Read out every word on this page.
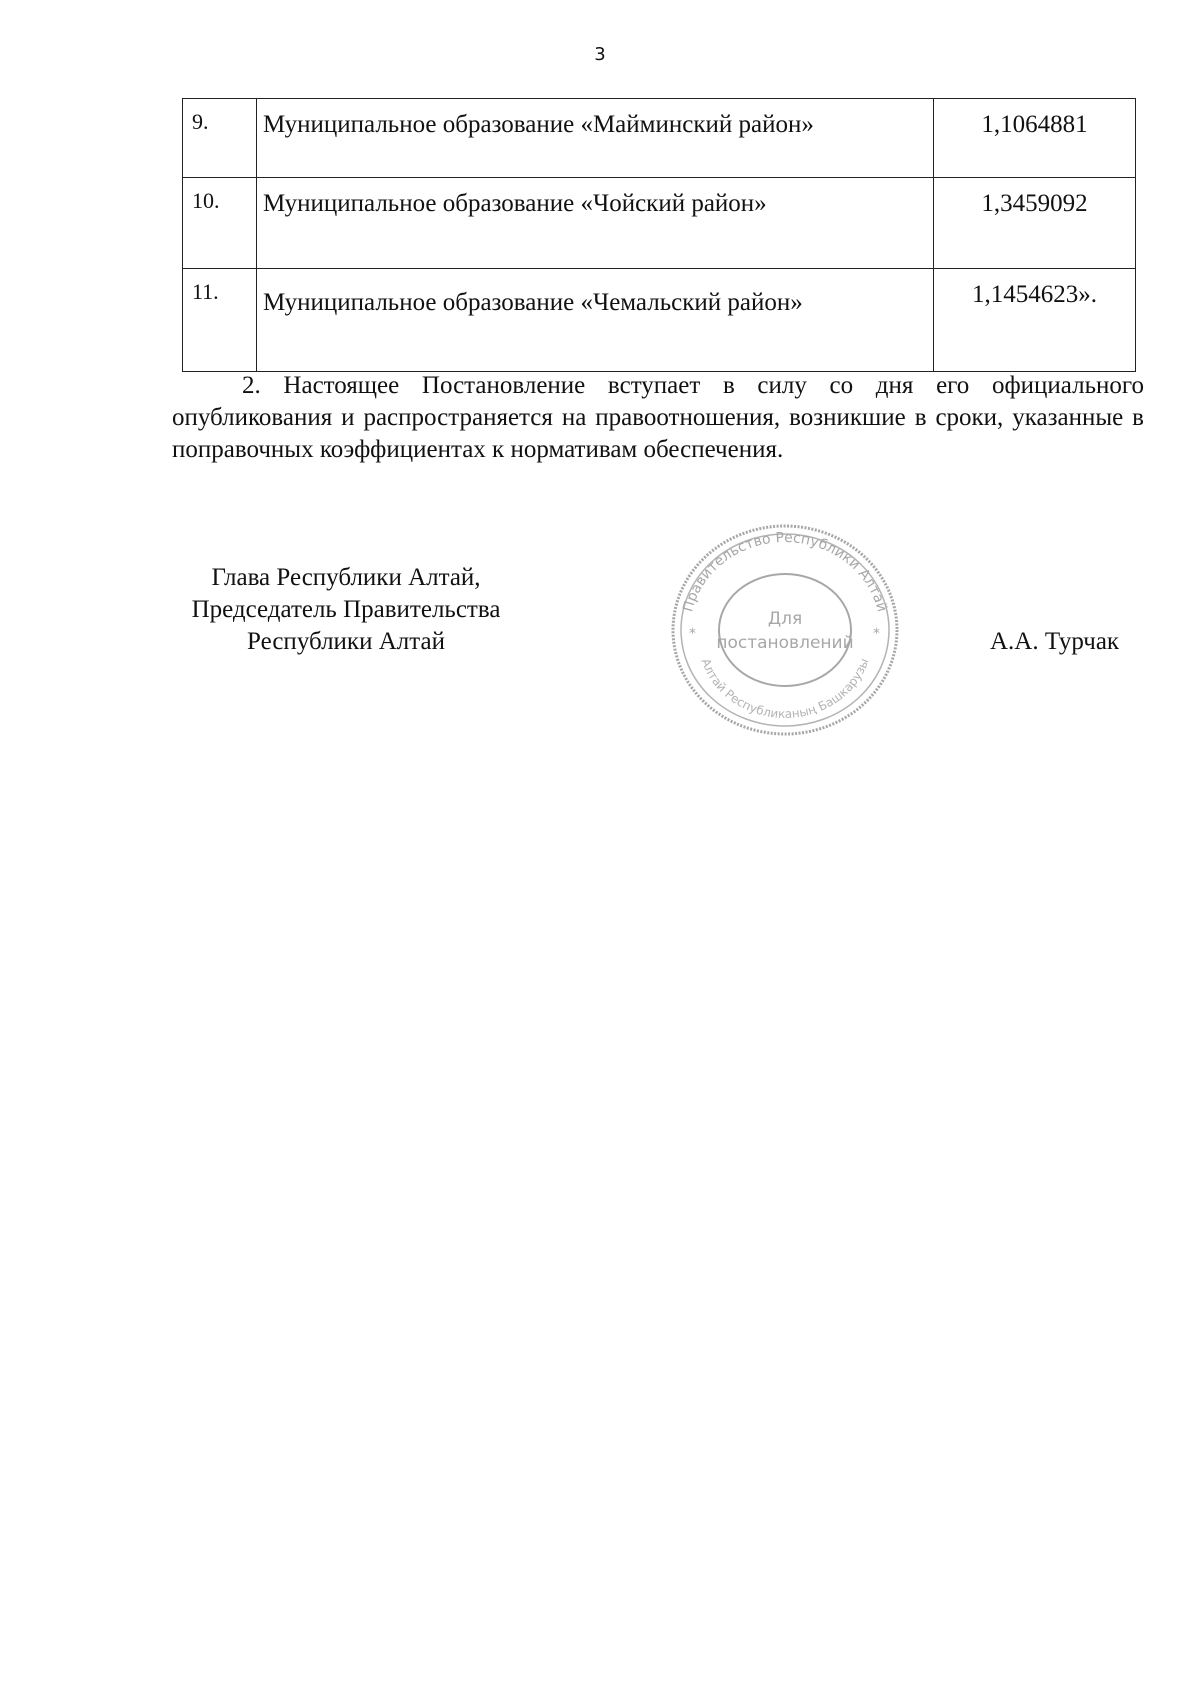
3
9.	Муниципальное образование «Майминский район»	1,1064881
10.	Муниципальное образование «Чойский район»	1,3459092
11.	Муниципальное образование «Чемальский район»	1,1454623».
2. Настоящее Постановление вступает в силу со дня его официального опубликования и распространяется на правоотношения, возникшие в сроки, указанные в поправочных коэффициентах к нормативам обеспечения.
Глава Республики Алтай,
Председатель Правительства
Республики Алтай	А.А. Турчак
Правительство Республики Алтай
Алтай Республиканың Башкарузы
Для
постановлений
*	*
